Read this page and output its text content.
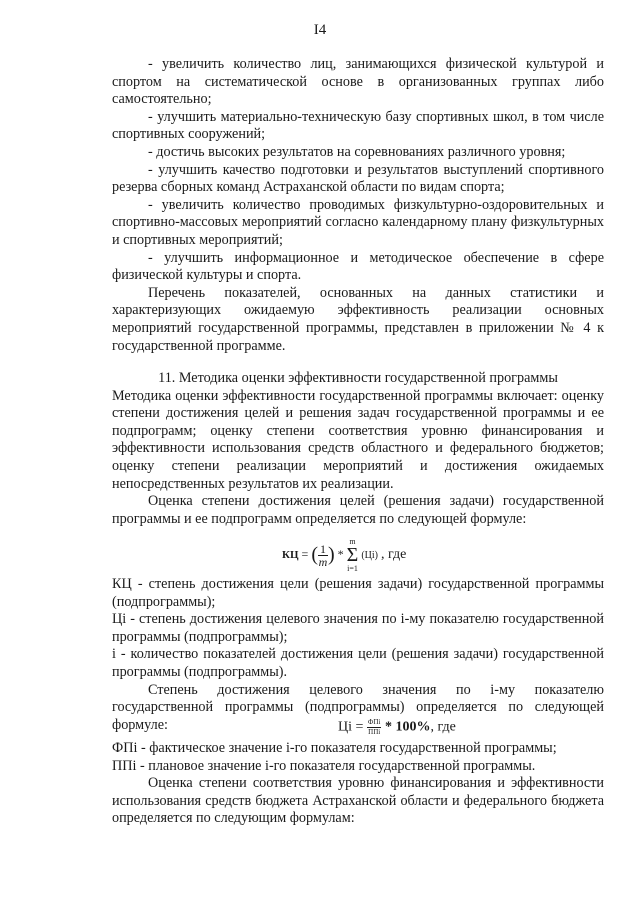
I4

- увеличить количество лиц, занимающихся физической культурой и спортом на систематической основе в организованных группах либо самостоятельно;

- улучшить материально-техническую базу спортивных школ, в том числе спортивных сооружений;

- достичь высоких результатов на соревнованиях различного уровня;

- улучшить качество подготовки и результатов выступлений спортивного резерва сборных команд Астраханской области по видам спорта;

- увеличить количество проводимых физкультурно-оздоровительных и спортивно-массовых мероприятий согласно календарному плану физкультурных и спортивных мероприятий;

- улучшить информационное и методическое обеспечение в сфере физической культуры и спорта.

Перечень показателей, основанных на данных статистики и характеризующих ожидаемую эффективность реализации основных мероприятий государственной программы, представлен в приложении № 4 к государственной программе.

11. Методика оценки эффективности государственной программы

Методика оценки эффективности государственной программы включает: оценку степени достижения целей и решения задач государственной программы и ее подпрограмм; оценку степени соответствия уровню финансирования и эффективности использования средств областного и федерального бюджетов; оценку степени реализации мероприятий и достижения ожидаемых непосредственных результатов их реализации.

Оценка степени достижения целей (решения задачи) государственной программы и ее подпрограмм определяется по следующей формуле:

КЦ = ( $\frac{1}{m}$ ) * m
Σ
i=1 (Цi) , где

КЦ - степень достижения цели (решения задачи) государственной программы (подпрограммы);

Цi - степень достижения целевого значения по i-му показателю государственной программы (подпрограммы);

i - количество показателей достижения цели (решения задачи) государственной программы (подпрограммы).

Степень достижения целевого значения по i-му показателю государственной программы (подпрограммы) определяется по следующей формуле:	Цi = ФПi
ППi * 100%, где

ФПi - фактическое значение i-го показателя государственной программы;

ППi - плановое значение i-го показателя государственной программы.

Оценка степени соответствия уровню финансирования и эффективности использования средств бюджета Астраханской области и федерального бюджета определяется по следующим формулам:
